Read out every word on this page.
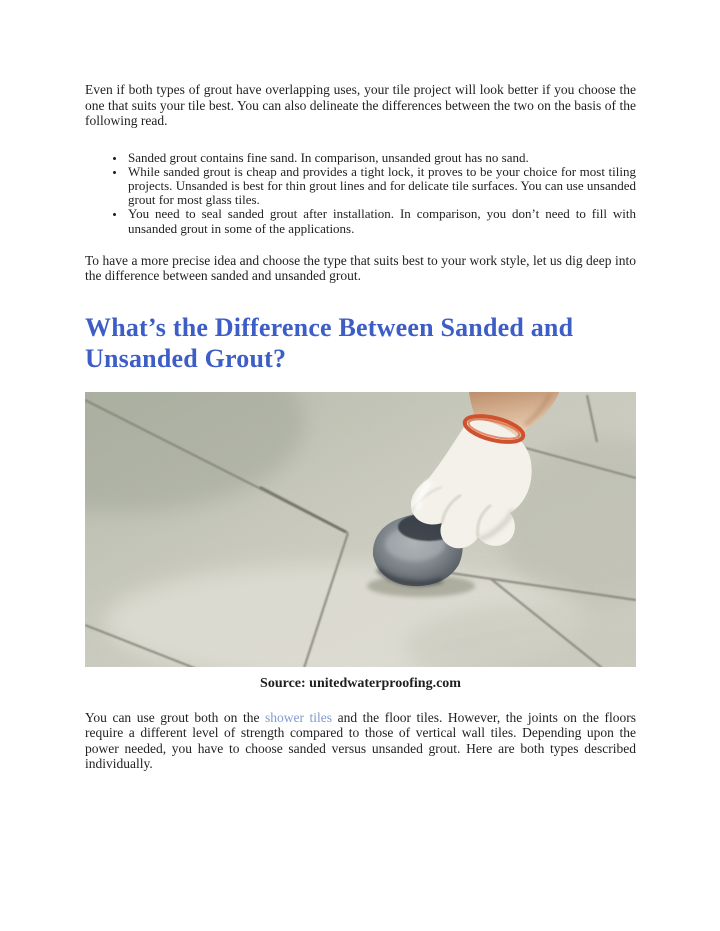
Even if both types of grout have overlapping uses, your tile project will look better if you choose the one that suits your tile best. You can also delineate the differences between the two on the basis of the following read.

• Sanded grout contains fine sand. In comparison, unsanded grout has no sand.
• While sanded grout is cheap and provides a tight lock, it proves to be your choice for most tiling projects. Unsanded is best for thin grout lines and for delicate tile surfaces. You can use unsanded grout for most glass tiles.
• You need to seal sanded grout after installation. In comparison, you don’t need to fill with unsanded grout in some of the applications.

To have a more precise idea and choose the type that suits best to your work style, let us dig deep into the difference between sanded and unsanded grout.

What’s the Difference Between Sanded and Unsanded Grout?

Source: unitedwaterproofing.com

You can use grout both on the shower tiles and the floor tiles. However, the joints on the floors require a different level of strength compared to those of vertical wall tiles. Depending upon the power needed, you have to choose sanded versus unsanded grout. Here are both types described individually.
